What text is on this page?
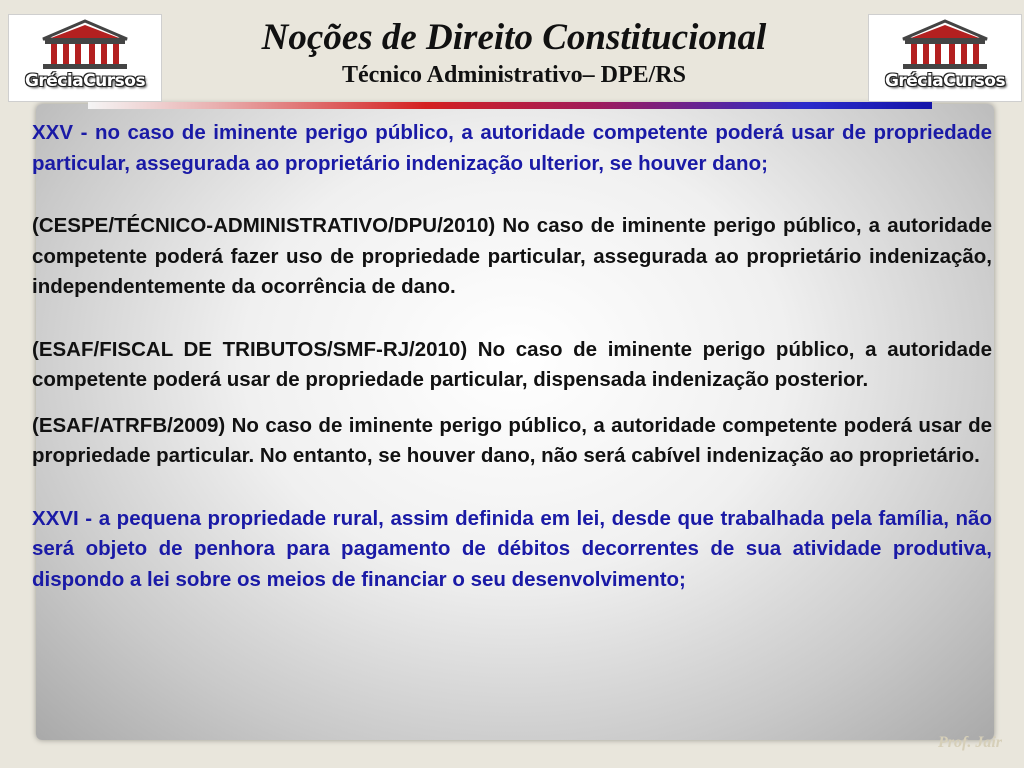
GréciaCursos	GréciaCursos
Noções de Direito Constitucional
Técnico Administrativo– DPE/RS

XXV - no caso de iminente perigo público, a autoridade competente poderá usar de propriedade particular, assegurada ao proprietário indenização ulterior, se houver dano;

(CESPE/TÉCNICO-ADMINISTRATIVO/DPU/2010) No caso de iminente perigo público, a autoridade competente poderá fazer uso de propriedade particular, assegurada ao proprietário indenização, independentemente da ocorrência de dano.

(ESAF/FISCAL DE TRIBUTOS/SMF-RJ/2010) No caso de iminente perigo público, a autoridade competente poderá usar de propriedade particular, dispensada indenização posterior.

(ESAF/ATRFB/2009) No caso de iminente perigo público, a autoridade competente poderá usar de propriedade particular. No entanto, se houver dano, não será cabível indenização ao proprietário.

XXVI - a pequena propriedade rural, assim definida em lei, desde que trabalhada pela família, não será objeto de penhora para pagamento de débitos decorrentes de sua atividade produtiva, dispondo a lei sobre os meios de financiar o seu desenvolvimento;

Prof. Jair
